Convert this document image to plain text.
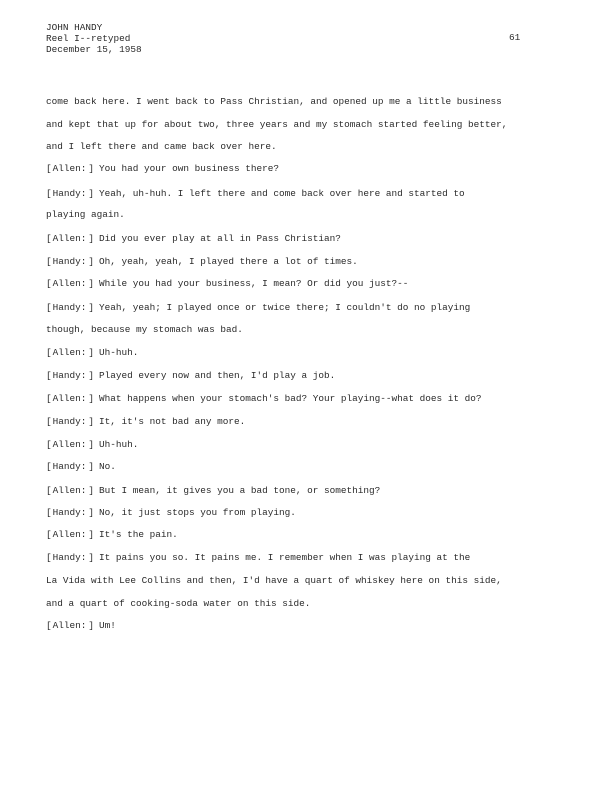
JOHN HANDY
Reel I--retyped
December 15, 1958
61
come back here. I went back to Pass Christian, and opened up me a little business
and kept that up for about two, three years and my stomach started feeling better,
and I left there and came back over here.
[ Allen: ] You had your own business there?
[ Handy: ] Yeah, uh-huh. I left there and come back over here and started to
playing again.
[ Allen: ] Did you ever play at all in Pass Christian?
[ Handy: ] Oh, yeah, yeah, I played there a lot of times.
[ Allen: ] While you had your business, I mean? Or did you just?--
[ Handy: ] Yeah, yeah; I played once or twice there; I couldn't do no playing
though, because my stomach was bad.
[ Allen: ] Uh-huh.
[ Handy: ] Played every now and then, I'd play a job.
[ Allen: ] What happens when your stomach's bad? Your playing--what does it do?
[ Handy: ] It, it's not bad any more.
[ Allen: ] Uh-huh.
[ Handy: ] No.
[ Allen: ] But I mean, it gives you a bad tone, or something?
[ Handy: ] No, it just stops you from playing.
[ Allen: ] It's the pain.
[ Handy: ] It pains you so. It pains me. I remember when I was playing at the
La Vida with Lee Collins and then, I'd have a quart of whiskey here on this side,
and a quart of cooking-soda water on this side.
[ Allen: ] Um!
